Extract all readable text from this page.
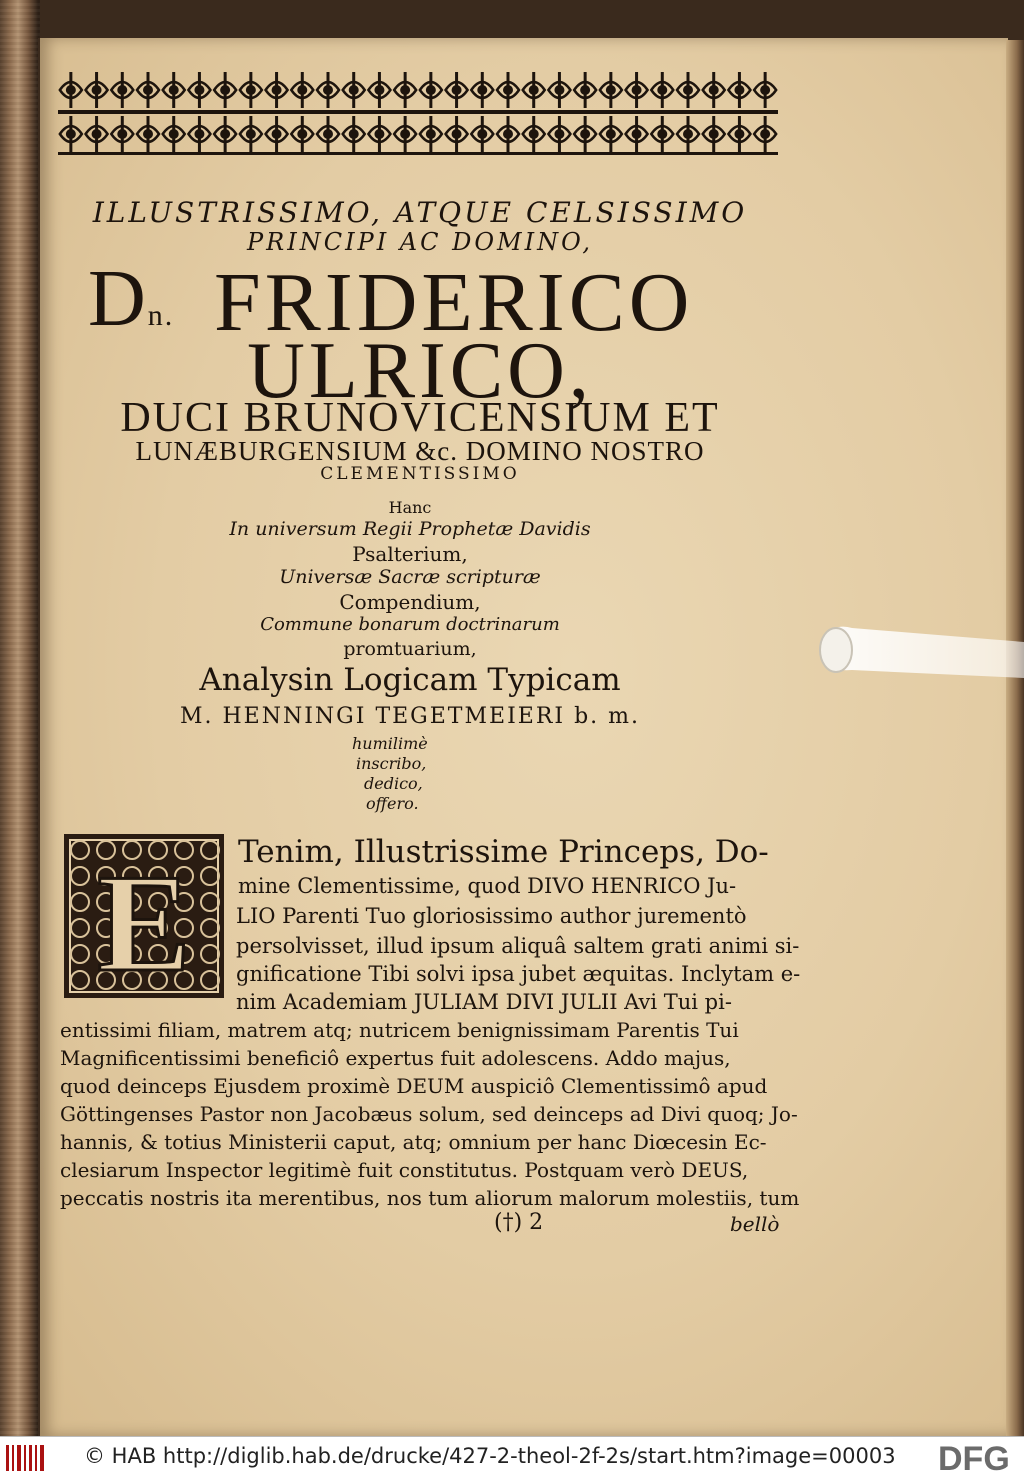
ILLUSTRISSIMO, ATQUE CELSISSIMO
PRINCIPI AC DOMINO,
Dn. FRIDERICO
ULRICO,
DUCI BRUNOVICENSIUM ET
LUNÆBURGENSIUM &c. DOMINO NOSTRO
CLEMENTISSIMO
Hanc
In universum Regii Prophetæ Davidis
Psalterium,
Universæ Sacræ scripturæ
Compendium,
Commune bonarum doctrinarum
promtuarium,
Analysin Logicam Typicam
M. HENNINGI TEGETMEIERI b. m.
humilimè
inscribo,
dedico,
offero.
E Tenim, Illustrissime Princeps, Do-
mine Clementissime, quod DIVO HENRICO Ju-
LIO Parenti Tuo gloriosissimo author jurementò
persolvisset, illud ipsum aliquâ saltem grati animi si-
gnificatione Tibi solvi ipsa jubet æquitas. Inclytam e-
nim Academiam JULIAM DIVI JULII Avi Tui pi-
entissimi filiam, matrem atq; nutricem benignissimam Parentis Tui
Magnificentissimi beneficiô expertus fuit adolescens. Addo majus,
quod deinceps Ejusdem proximè DEUM auspiciô Clementissimô apud
Göttingenses Pastor non Jacobæus solum, sed deinceps ad Divi quoq; Jo-
hannis, & totius Ministerii caput, atq; omnium per hanc Diœcesin Ec-
clesiarum Inspector legitimè fuit constitutus. Postquam verò DEUS,
peccatis nostris ita merentibus, nos tum aliorum malorum molestiis, tum
(†) 2	bellò
© HAB http://diglib.hab.de/drucke/427-2-theol-2f-2s/start.htm?image=00003 DFG
